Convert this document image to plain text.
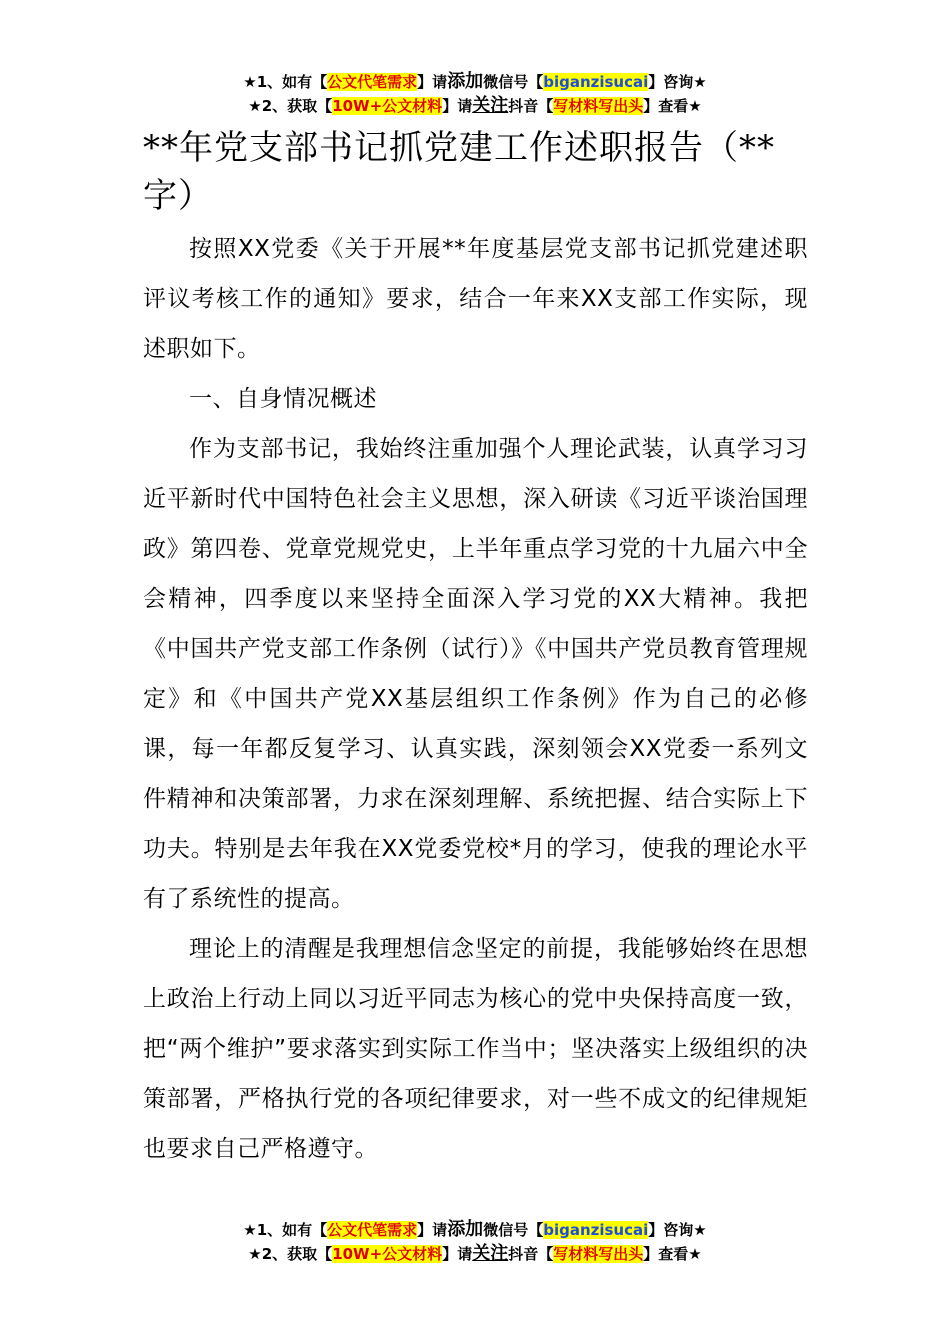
★1、如有【公文代笔需求】请添加微信号【biganzisucai】咨询★
★2、获取【10W+公文材料】请关注抖音【写材料写出头】查看★
**年党支部书记抓党建工作述职报告（**字）

按照XX党委《关于开展**年度基层党支部书记抓党建述职评议考核工作的通知》要求，结合一年来XX支部工作实际，现述职如下。

一、自身情况概述

作为支部书记，我始终注重加强个人理论武装，认真学习习近平新时代中国特色社会主义思想，深入研读《习近平谈治国理政》第四卷、党章党规党史，上半年重点学习党的十九届六中全会精神，四季度以来坚持全面深入学习党的XX大精神。我把《中国共产党支部工作条例（试行）》《中国共产党员教育管理规定》和《中国共产党XX基层组织工作条例》作为自己的必修课，每一年都反复学习、认真实践，深刻领会XX党委一系列文件精神和决策部署，力求在深刻理解、系统把握、结合实际上下功夫。特别是去年我在XX党委党校*月的学习，使我的理论水平有了系统性的提高。

理论上的清醒是我理想信念坚定的前提，我能够始终在思想上政治上行动上同以习近平同志为核心的党中央保持高度一致，把“两个维护”要求落实到实际工作当中；坚决落实上级组织的决策部署，严格执行党的各项纪律要求，对一些不成文的纪律规矩也要求自己严格遵守。

★1、如有【公文代笔需求】请添加微信号【biganzisucai】咨询★
★2、获取【10W+公文材料】请关注抖音【写材料写出头】查看★
